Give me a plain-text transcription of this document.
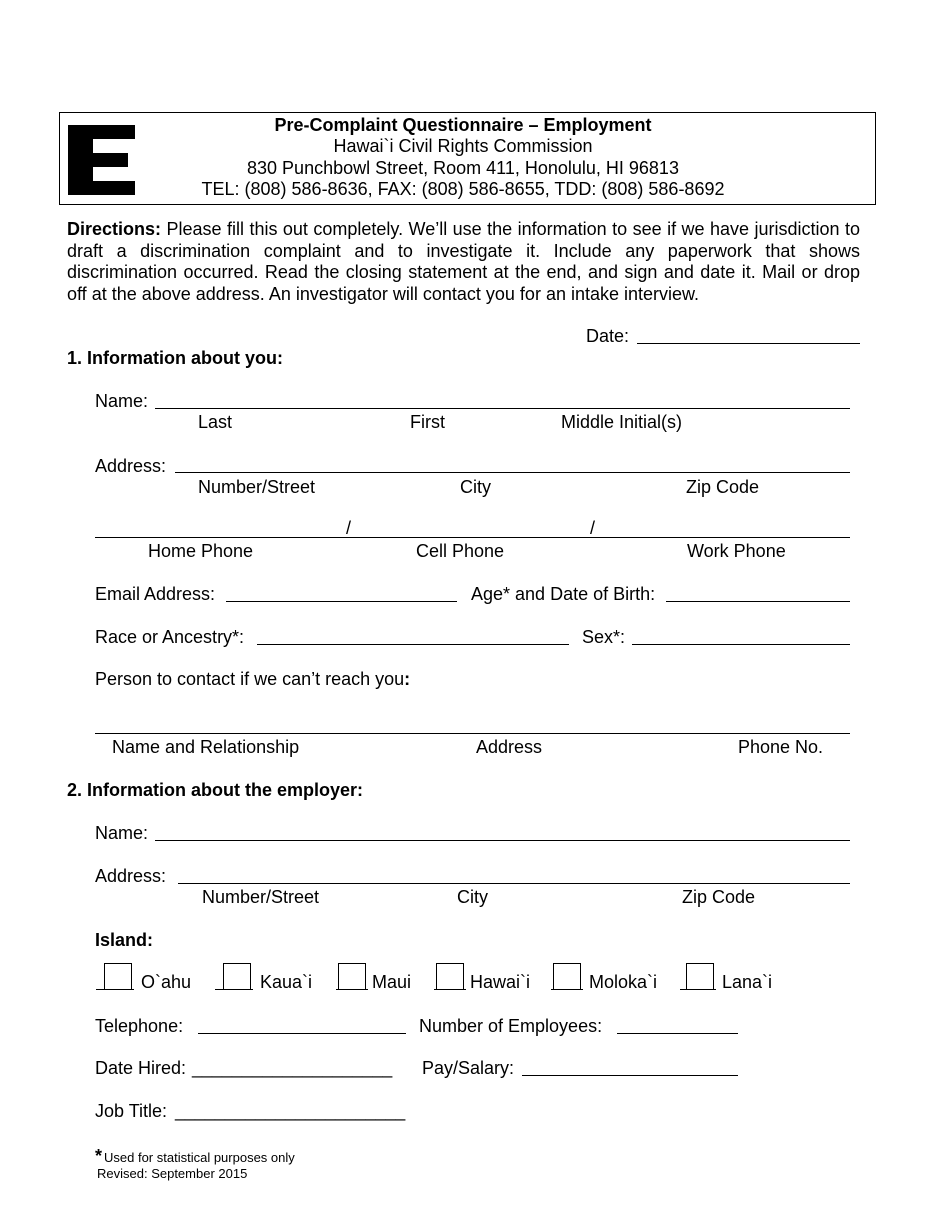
Pre-Complaint Questionnaire – Employment
Hawai`i Civil Rights Commission
830 Punchbowl Street, Room 411, Honolulu, HI 96813
TEL: (808) 586-8636, FAX: (808) 586-8655, TDD: (808) 586-8692
Directions: Please fill this out completely. We’ll use the information to see if we have jurisdiction to draft a discrimination complaint and to investigate it. Include any paperwork that shows discrimination occurred. Read the closing statement at the end, and sign and date it. Mail or drop off at the above address. An investigator will contact you for an intake interview.
Date:
1. Information about you:
Name:
Last	First	Middle Initial(s)
Address:
Number/Street	City	Zip Code
/	/
Home Phone	Cell Phone	Work Phone
Email Address:	Age* and Date of Birth:
Race or Ancestry*:	Sex*:
Person to contact if we can’t reach you:
Name and Relationship	Address	Phone No.
2. Information about the employer:
Name:
Address:
Number/Street	City	Zip Code
Island:
O`ahu	Kaua`i	Maui	Hawai`i	Moloka`i	Lana`i
Telephone:	Number of Employees:
Date Hired: ____________________ Pay/Salary:
Job Title: _______________________
* Used for statistical purposes only
Revised: September 2015
